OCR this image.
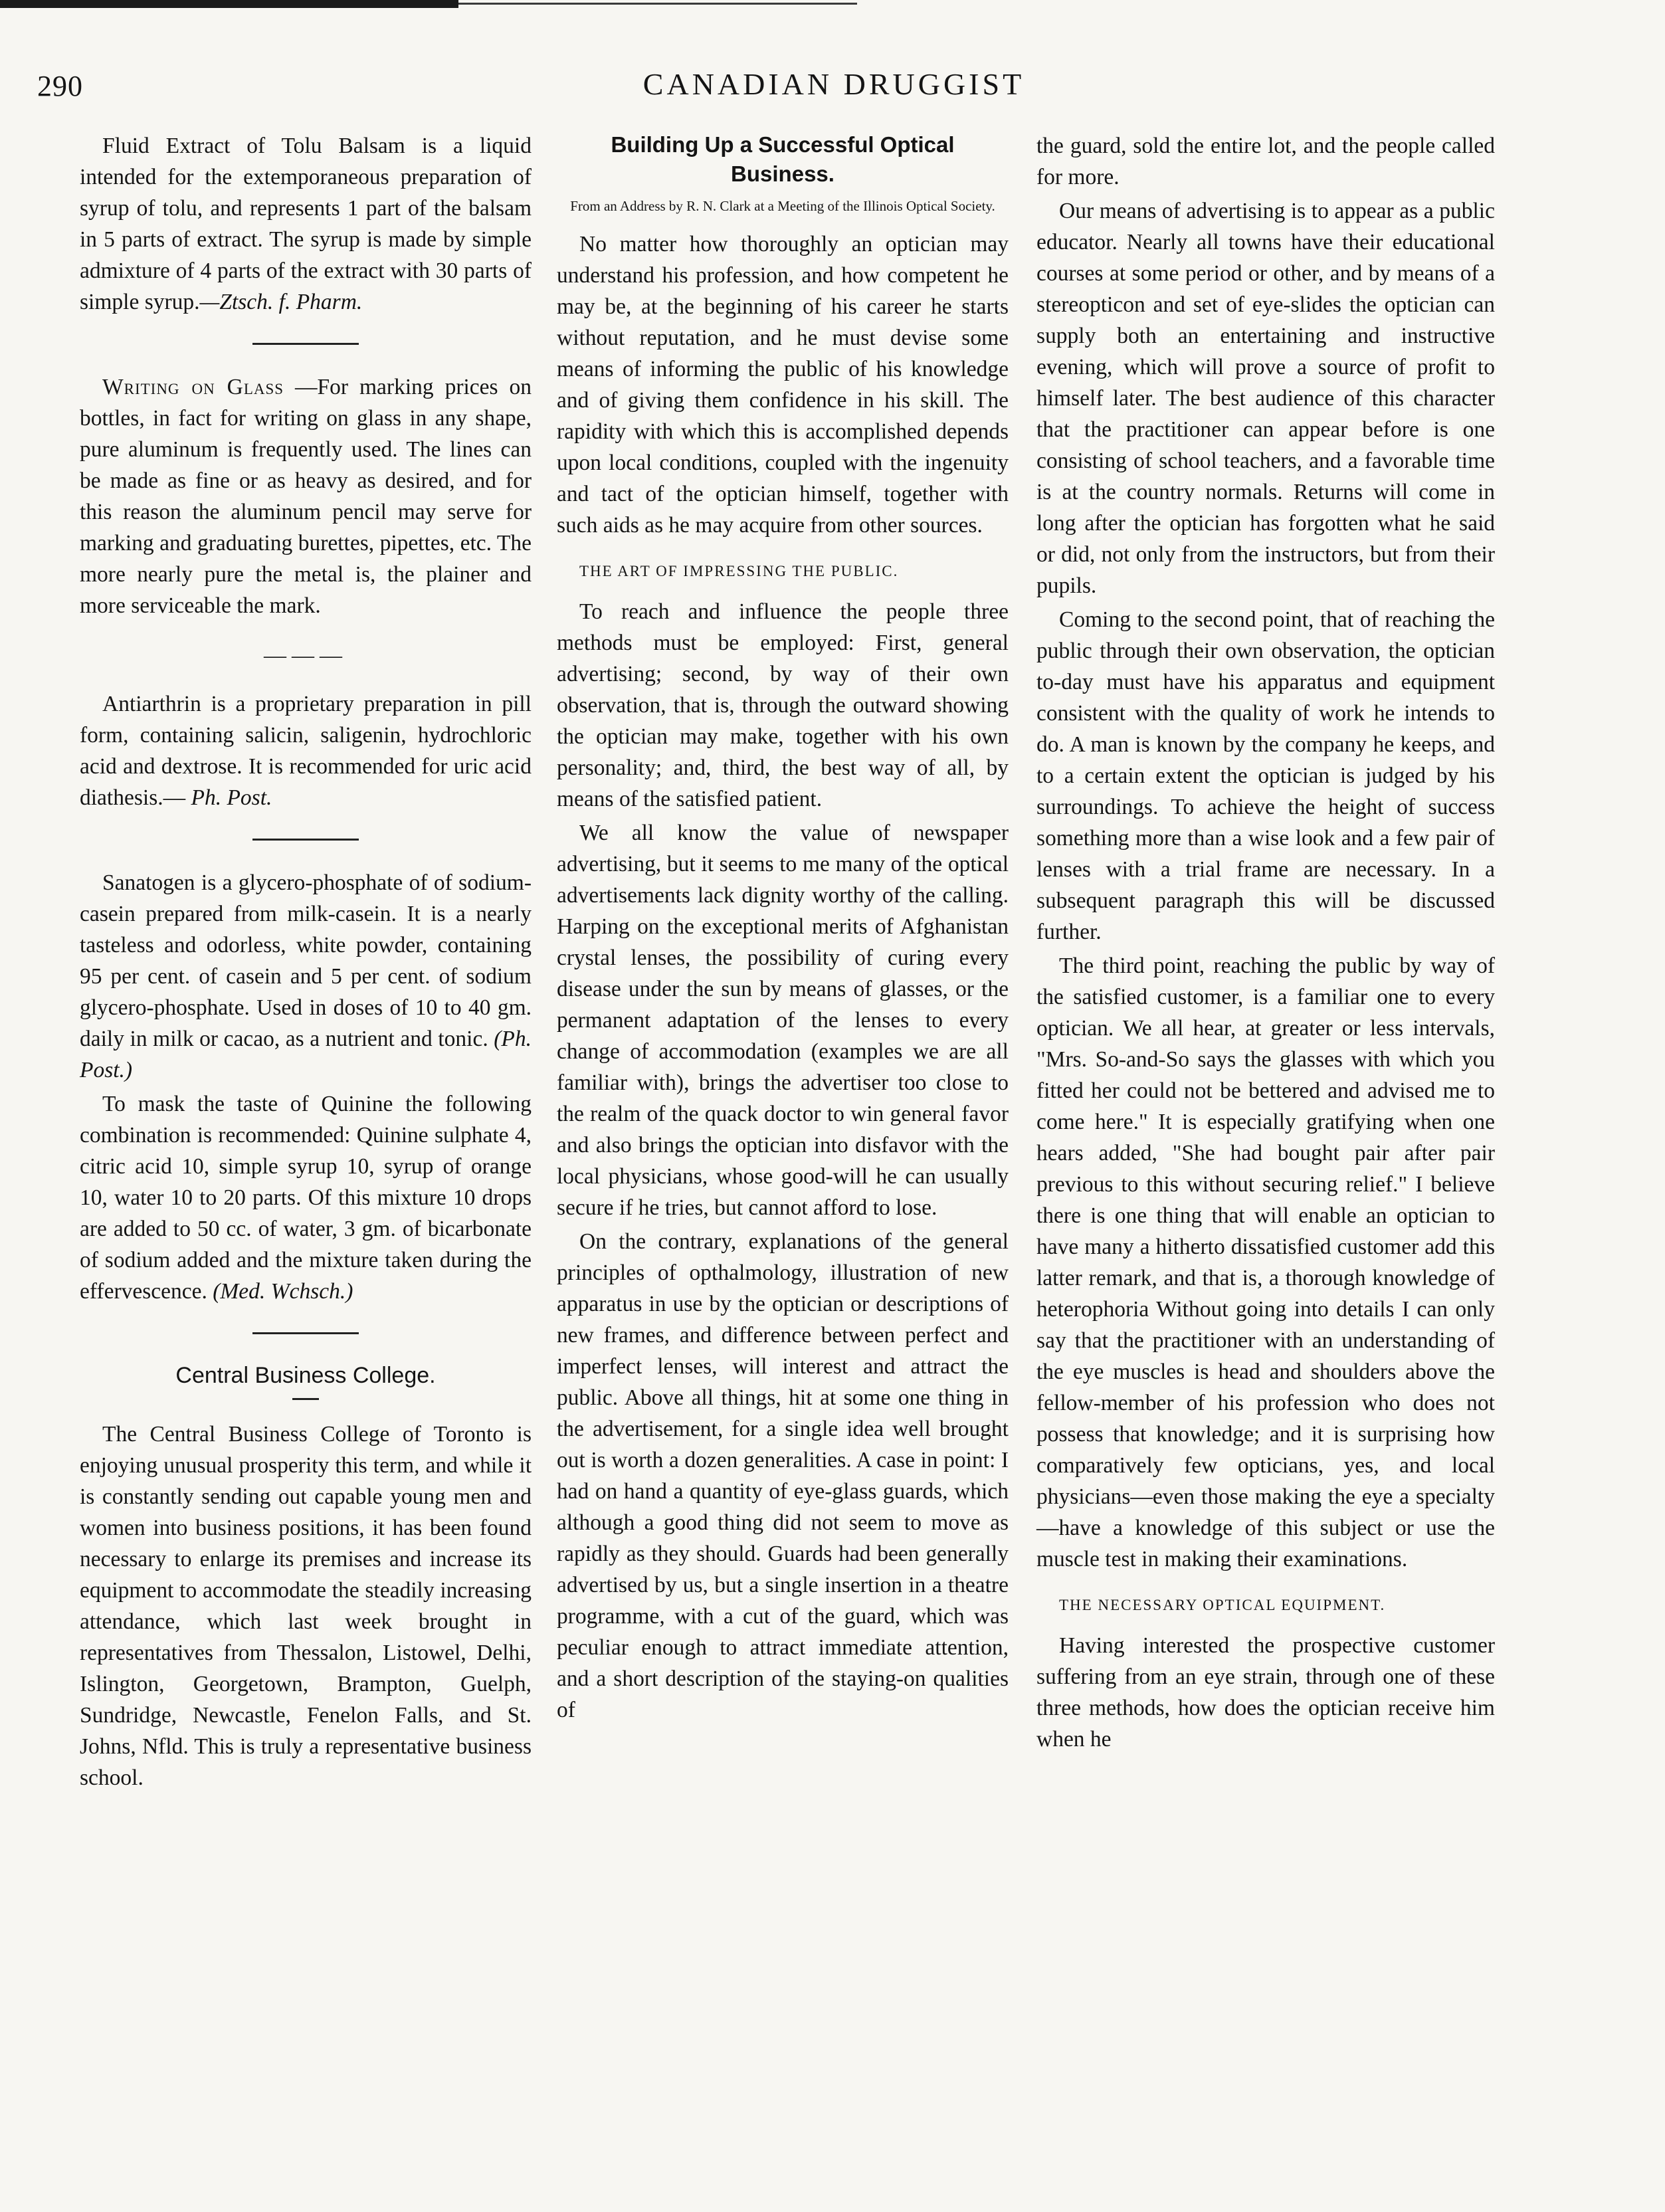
290	CANADIAN DRUGGIST

Fluid Extract of Tolu Balsam is a liquid intended for the extemporaneous preparation of syrup of tolu, and represents 1 part of the balsam in 5 parts of extract. The syrup is made by simple admixture of 4 parts of the extract with 30 parts of simple syrup.—Ztsch. f. Pharm.

Writing on Glass —For marking prices on bottles, in fact for writing on glass in any shape, pure aluminum is frequently used. The lines can be made as fine or as heavy as desired, and for this reason the aluminum pencil may serve for marking and graduating burettes, pipettes, etc. The more nearly pure the metal is, the plainer and more serviceable the mark.

———

Antiarthrin is a proprietary preparation in pill form, containing salicin, saligenin, hydrochloric acid and dextrose. It is recommended for uric acid diathesis.— Ph. Post.

Sanatogen is a glycero-phosphate of of sodium-casein prepared from milk-casein. It is a nearly tasteless and odorless, white powder, containing 95 per cent. of casein and 5 per cent. of sodium glycero-phosphate. Used in doses of 10 to 40 gm. daily in milk or cacao, as a nutrient and tonic. (Ph. Post.)

To mask the taste of Quinine the following combination is recommended: Quinine sulphate 4, citric acid 10, simple syrup 10, syrup of orange 10, water 10 to 20 parts. Of this mixture 10 drops are added to 50 cc. of water, 3 gm. of bicarbonate of sodium added and the mixture taken during the effervescence. (Med. Wchsch.)

Central Business College.

The Central Business College of Toronto is enjoying unusual prosperity this term, and while it is constantly sending out capable young men and women into business positions, it has been found necessary to enlarge its premises and increase its equipment to accommodate the steadily increasing attendance, which last week brought in representatives from Thessalon, Listowel, Delhi, Islington, Georgetown, Brampton, Guelph, Sundridge, Newcastle, Fenelon Falls, and St. Johns, Nfld. This is truly a representative business school.

Building Up a Successful Optical Business.
From an Address by R. N. Clark at a Meeting of the Illinois Optical Society.

No matter how thoroughly an optician may understand his profession, and how competent he may be, at the beginning of his career he starts without reputation, and he must devise some means of informing the public of his knowledge and of giving them confidence in his skill. The rapidity with which this is accomplished depends upon local conditions, coupled with the ingenuity and tact of the optician himself, together with such aids as he may acquire from other sources.

THE ART OF IMPRESSING THE PUBLIC.

To reach and influence the people three methods must be employed: First, general advertising; second, by way of their own observation, that is, through the outward showing the optician may make, together with his own personality; and, third, the best way of all, by means of the satisfied patient.

We all know the value of newspaper advertising, but it seems to me many of the optical advertisements lack dignity worthy of the calling. Harping on the exceptional merits of Afghanistan crystal lenses, the possibility of curing every disease under the sun by means of glasses, or the permanent adaptation of the lenses to every change of accommodation (examples we are all familiar with), brings the advertiser too close to the realm of the quack doctor to win general favor and also brings the optician into disfavor with the local physicians, whose good-will he can usually secure if he tries, but cannot afford to lose.

On the contrary, explanations of the general principles of opthalmology, illustration of new apparatus in use by the optician or descriptions of new frames, and difference between perfect and imperfect lenses, will interest and attract the public. Above all things, hit at some one thing in the advertisement, for a single idea well brought out is worth a dozen generalities. A case in point: I had on hand a quantity of eye-glass guards, which although a good thing did not seem to move as rapidly as they should. Guards had been generally advertised by us, but a single insertion in a theatre programme, with a cut of the guard, which was peculiar enough to attract immediate attention, and a short description of the staying-on qualities of

the guard, sold the entire lot, and the people called for more.

Our means of advertising is to appear as a public educator. Nearly all towns have their educational courses at some period or other, and by means of a stereopticon and set of eye-slides the optician can supply both an entertaining and instructive evening, which will prove a source of profit to himself later. The best audience of this character that the practitioner can appear before is one consisting of school teachers, and a favorable time is at the country normals. Returns will come in long after the optician has forgotten what he said or did, not only from the instructors, but from their pupils.

Coming to the second point, that of reaching the public through their own observation, the optician to-day must have his apparatus and equipment consistent with the quality of work he intends to do. A man is known by the company he keeps, and to a certain extent the optician is judged by his surroundings. To achieve the height of success something more than a wise look and a few pair of lenses with a trial frame are necessary. In a subsequent paragraph this will be discussed further.

The third point, reaching the public by way of the satisfied customer, is a familiar one to every optician. We all hear, at greater or less intervals, "Mrs. So-and-So says the glasses with which you fitted her could not be bettered and advised me to come here." It is especially gratifying when one hears added, "She had bought pair after pair previous to this without securing relief." I believe there is one thing that will enable an optician to have many a hitherto dissatisfied customer add this latter remark, and that is, a thorough knowledge of heterophoria Without going into details I can only say that the practitioner with an understanding of the eye muscles is head and shoulders above the fellow-member of his profession who does not possess that knowledge; and it is surprising how comparatively few opticians, yes, and local physicians—even those making the eye a specialty—have a knowledge of this subject or use the muscle test in making their examinations.

THE NECESSARY OPTICAL EQUIPMENT.

Having interested the prospective customer suffering from an eye strain, through one of these three methods, how does the optician receive him when he
